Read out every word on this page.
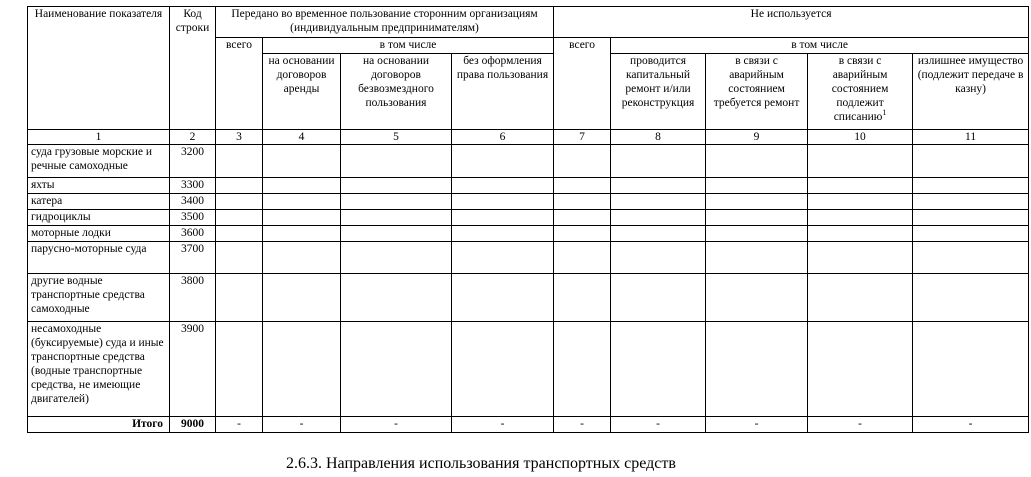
Наименование показателя	Код строки	Передано во временное пользование сторонним организациям (индивидуальным предпринимателям)				Не используется				
		всего	в том числе			всего	в том числе			
			на основании договоров аренды	на основании договоров безвозмездного пользования	без оформления права пользования		проводится капитальный ремонт и/или реконструкция	в связи с аварийным состоянием требуется ремонт	в связи с аварийным состоянием подлежит списанию$^1$	излишнее имущество (подлежит передаче в казну)
1	2	3	4	5	6	7	8	9	10	11
суда грузовые морские и речные самоходные	3200									
яхты	3300									
катера	3400									
гидроциклы	3500									
моторные лодки	3600									
парусно-моторные суда	3700									
другие водные транспортные средства самоходные	3800									
несамоходные (буксируемые) суда и иные транспортные средства (водные транспортные средства, не имеющие двигателей)	3900									
Итого	9000	-	-	-	-	-	-	-	-	-
2.6.3. Направления использования транспортных средств
